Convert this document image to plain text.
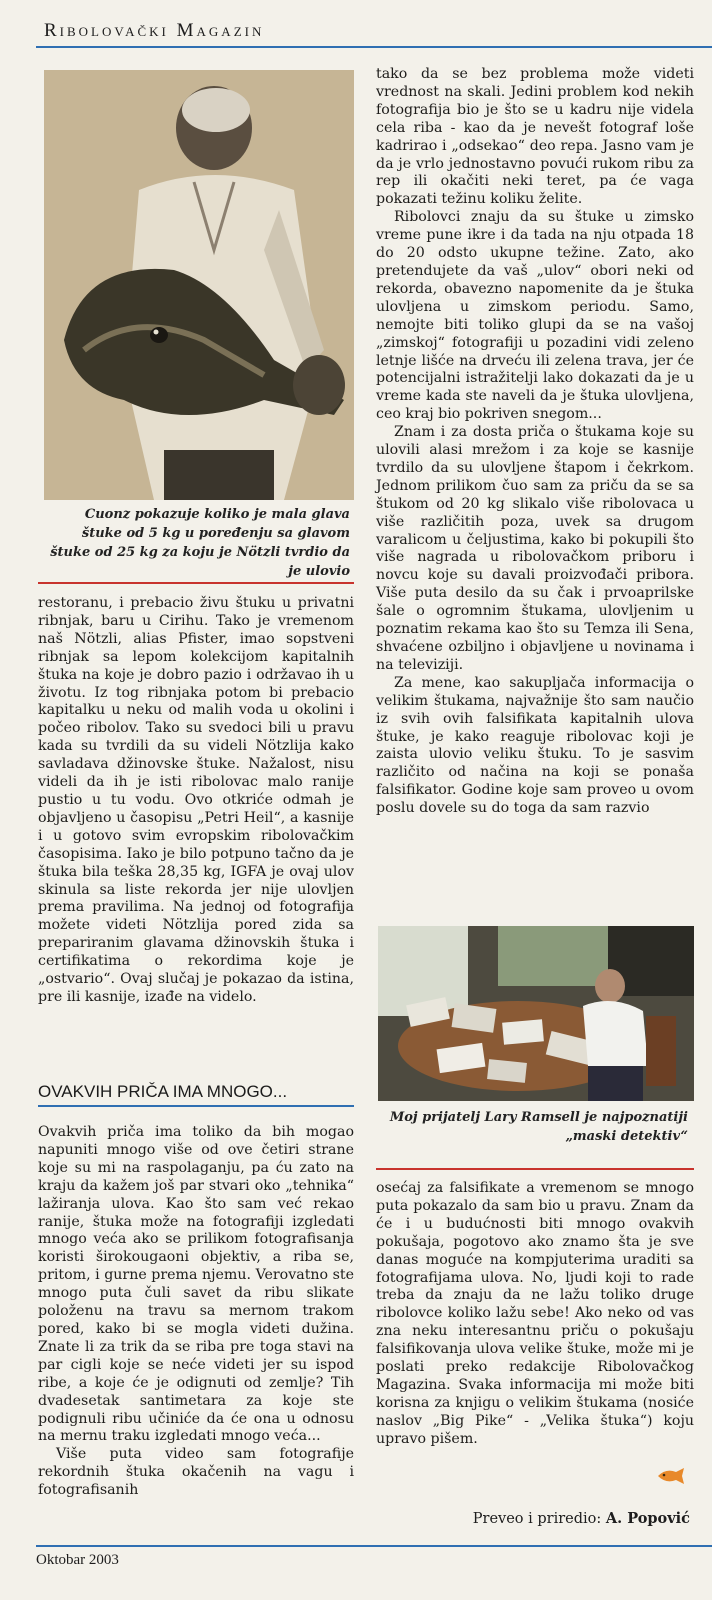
Ribolovački Magazin
Cuonz pokazuje koliko je mala glava štuke od 5 kg u poređenju sa glavom štuke od 25 kg za koju je Nötzli tvrdio da je ulovio

restoranu, i prebacio živu štuku u privatni ribnjak, baru u Cirihu. Tako je vremenom naš Nötzli, alias Pfister, imao sopstveni ribnjak sa lepom kolekcijom kapitalnih štuka na koje je dobro pazio i održavao ih u životu. Iz tog ribnjaka potom bi prebacio kapitalku u neku od malih voda u okolini i počeo ribolov. Tako su svedoci bili u pravu kada su tvrdili da su videli Nötzlija kako savladava džinovske štuke. Nažalost, nisu videli da ih je isti ribolovac malo ranije pustio u tu vodu. Ovo otkriće odmah je objavljeno u časopisu „Petri Heil“, a kasnije i u gotovo svim evropskim ribolovačkim časopisima. Iako je bilo potpuno tačno da je štuka bila teška 28,35 kg, IGFA je ovaj ulov skinula sa liste rekorda jer nije ulovljen prema pravilima. Na jednoj od fotografija možete videti Nötzlija pored zida sa prepariranim glavama džinovskih štuka i certifikatima o rekordima koje je „ostvario“. Ovaj slučaj je pokazao da istina, pre ili kasnije, izađe na videlo.

OVAKVIH PRIČA IMA MNOGO...

Ovakvih priča ima toliko da bih mogao napuniti mnogo više od ove četiri strane koje su mi na raspolaganju, pa ću zato na kraju da kažem još par stvari oko „tehnika“ lažiranja ulova. Kao što sam već rekao ranije, štuka može na fotografiji izgledati mnogo veća ako se prilikom fotografisanja koristi širokougaoni objektiv, a riba se, pritom, i gurne prema njemu. Verovatno ste mnogo puta čuli savet da ribu slikate položenu na travu sa mernom trakom pored, kako bi se mogla videti dužina. Znate li za trik da se riba pre toga stavi na par cigli koje se neće videti jer su ispod ribe, a koje će je odignuti od zemlje? Tih dvadesetak santimetara za koje ste podignuli ribu učiniće da će ona u odnosu na mernu traku izgledati mnogo veća...

Više puta video sam fotografije rekordnih štuka okačenih na vagu i fotografisanih

tako da se bez problema može videti vrednost na skali. Jedini problem kod nekih fotografija bio je što se u kadru nije videla cela riba - kao da je nevešt fotograf loše kadrirao i „odsekao“ deo repa. Jasno vam je da je vrlo jednostavno povući rukom ribu za rep ili okačiti neki teret, pa će vaga pokazati težinu koliku želite.

Ribolovci znaju da su štuke u zimsko vreme pune ikre i da tada na nju otpada 18 do 20 odsto ukupne težine. Zato, ako pretendujete da vaš „ulov“ obori neki od rekorda, obavezno napomenite da je štuka ulovljena u zimskom periodu. Samo, nemojte biti toliko glupi da se na vašoj „zimskoj“ fotografiji u pozadini vidi zeleno letnje lišće na drveću ili zelena trava, jer će potencijalni istražitelji lako dokazati da je u vreme kada ste naveli da je štuka ulovljena, ceo kraj bio pokriven snegom...

Znam i za dosta priča o štukama koje su ulovili alasi mrežom i za koje se kasnije tvrdilo da su ulovljene štapom i čekrkom. Jednom prilikom čuo sam za priču da se sa štukom od 20 kg slikalo više ribolovaca u više različitih poza, uvek sa drugom varalicom u čeljustima, kako bi pokupili što više nagrada u ribolovačkom priboru i novcu koje su davali proizvođači pribora. Više puta desilo da su čak i prvoaprilske šale o ogromnim štukama, ulovljenim u poznatim rekama kao što su Temza ili Sena, shvaćene ozbiljno i objavljene u novinama i na televiziji.

Za mene, kao sakupljača informacija o velikim štukama, najvažnije što sam naučio iz svih ovih falsifikata kapitalnih ulova štuke, je kako reaguje ribolovac koji je zaista ulovio veliku štuku. To je sasvim različito od načina na koji se ponaša falsifikator. Godine koje sam proveo u ovom poslu dovele su do toga da sam razvio

Moj prijatelj Lary Ramsell je najpoznatiji „maski detektiv“

osećaj za falsifikate a vremenom se mnogo puta pokazalo da sam bio u pravu. Znam da će i u budućnosti biti mnogo ovakvih pokušaja, pogotovo ako znamo šta je sve danas moguće na kompjuterima uraditi sa fotografijama ulova. No, ljudi koji to rade treba da znaju da ne lažu toliko druge ribolovce koliko lažu sebe! Ako neko od vas zna neku interesantnu priču o pokušaju falsifikovanja ulova velike štuke, može mi je poslati preko redakcije Ribolovačkog Magazina. Svaka informacija mi može biti korisna za knjigu o velikim štukama (nosiće naslov „Big Pike“ - „Velika štuka“) koju upravo pišem.

Preveo i priredio: A. Popović
Oktobar 2003
